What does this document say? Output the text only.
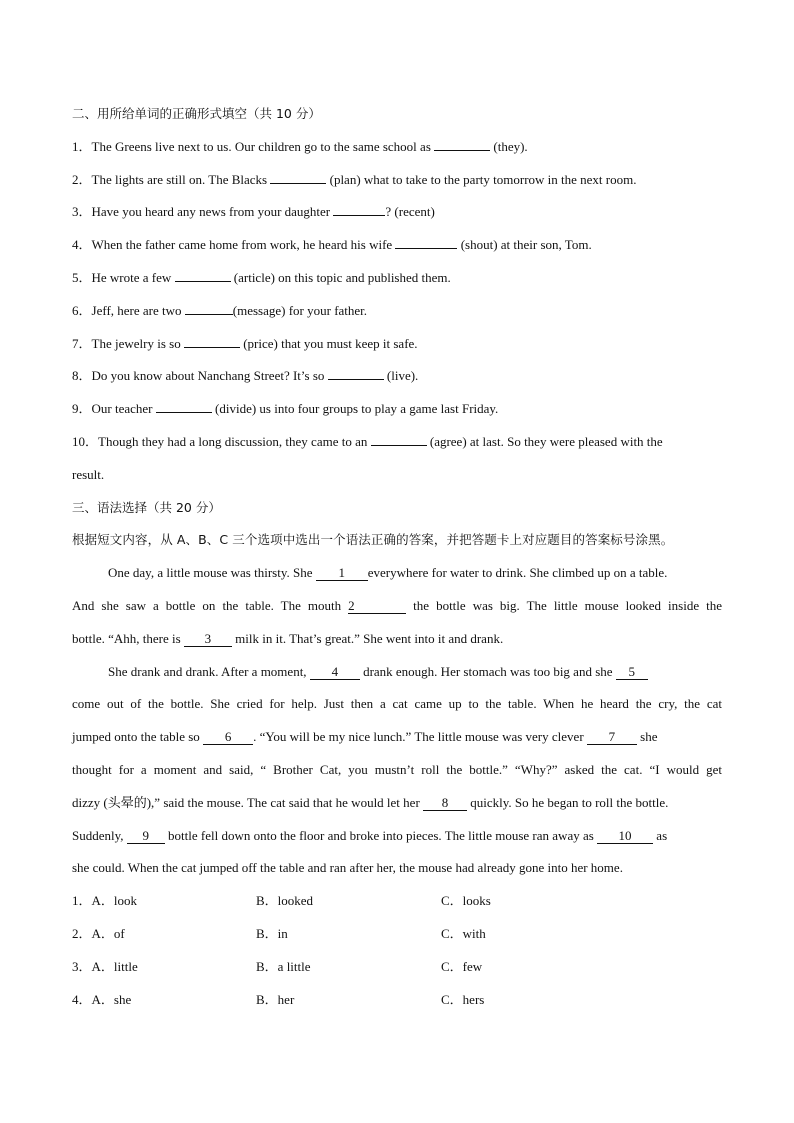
二、用所给单词的正确形式填空（共 10 分）
1．The Greens live next to us. Our children go to the same school as	(they).
2．The lights are still on. The Blacks	(plan) what to take to the party tomorrow in the next room.
3．Have you heard any news from your daughter	? (recent)
4．When the father came home from work, he heard his wife	(shout) at their son, Tom.
5．He wrote a few	(article) on this topic and published them.
6．Jeff, here are two	(message) for your father.
7．The jewelry is so	(price) that you must keep it safe.
8．Do you know about Nanchang Street? It’s so	(live).
9．Our teacher	(divide) us into four groups to play a game last Friday.
10．Though they had a long discussion, they came to an	(agree) at last. So they were pleased with the
result.
三、语法选择（共 20 分）
根据短文内容，从 A、B、C 三个选项中选出一个语法正确的答案，并把答题卡上对应题目的答案标号涂黑。
One day, a little mouse was thirsty. She 1 everywhere for water to drink. She climbed up on a table.
And she saw a bottle on the table. The mouth 2	the bottle was big. The little mouse looked inside the
bottle. “Ahh, there is 3 milk in it. That’s great.” She went into it and drank.
She drank and drank. After a moment, 4 drank enough. Her stomach was too big and she 5
come out of the bottle. She cried for help. Just then a cat came up to the table. When he heard the cry, the cat
jumped onto the table so 6 . “You will be my nice lunch.” The little mouse was very clever 7 she
thought for a moment and said, “ Brother Cat, you mustn’t roll the bottle.” “Why?” asked the cat. “I would get
dizzy (头晕的),” said the mouse. The cat said that he would let her 8 quickly. So he began to roll the bottle.
Suddenly, 9 bottle fell down onto the floor and broke into pieces. The little mouse ran away as 10 as
she could. When the cat jumped off the table and ran after her, the mouse had already gone into her home.
1．A．look	B．looked	C．looks
2．A．of	B．in	C．with
3．A．little	B．a little	C．few
4．A．she	B．her	C．hers
